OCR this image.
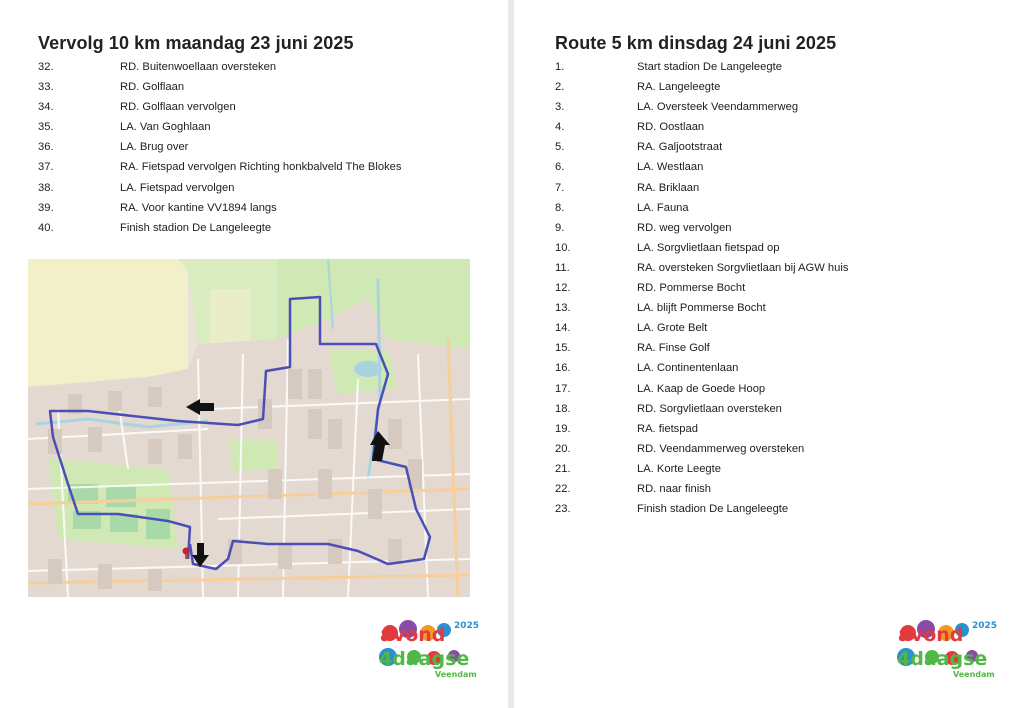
Vervolg 10 km maandag 23 juni 2025
32.	RD. Buitenwoellaan oversteken
33.	RD. Golflaan
34.	RD. Golflaan vervolgen
35.	LA. Van Goghlaan
36.	LA. Brug over
37.	RA. Fietspad vervolgen Richting honkbalveld The Blokes
38.	LA. Fietspad vervolgen
39.	RA. Voor kantine VV1894 langs
40.	Finish stadion De Langeleegte
avond
4daagse
2025
Veendam
Route 5 km dinsdag 24 juni 2025
1.	Start stadion De Langeleegte
2.	RA. Langeleegte
3.	LA. Oversteek Veendammerweg
4.	RD. Oostlaan
5.	RA. Galjootstraat
6.	LA. Westlaan
7.	RA. Briklaan
8.	LA. Fauna
9.	RD. weg vervolgen
10.	LA. Sorgvlietlaan fietspad op
11.	RA. oversteken Sorgvlietlaan bij AGW huis
12.	RD. Pommerse Bocht
13.	LA. blijft Pommerse Bocht
14.	LA. Grote Belt
15.	RA. Finse Golf
16.	LA. Continentenlaan
17.	LA. Kaap de Goede Hoop
18.	RD. Sorgvlietlaan oversteken
19.	RA. fietspad
20.	RD. Veendammerweg oversteken
21.	LA. Korte Leegte
22.	RD. naar finish
23.	Finish stadion De Langeleegte
avond
4daagse
2025
Veendam
